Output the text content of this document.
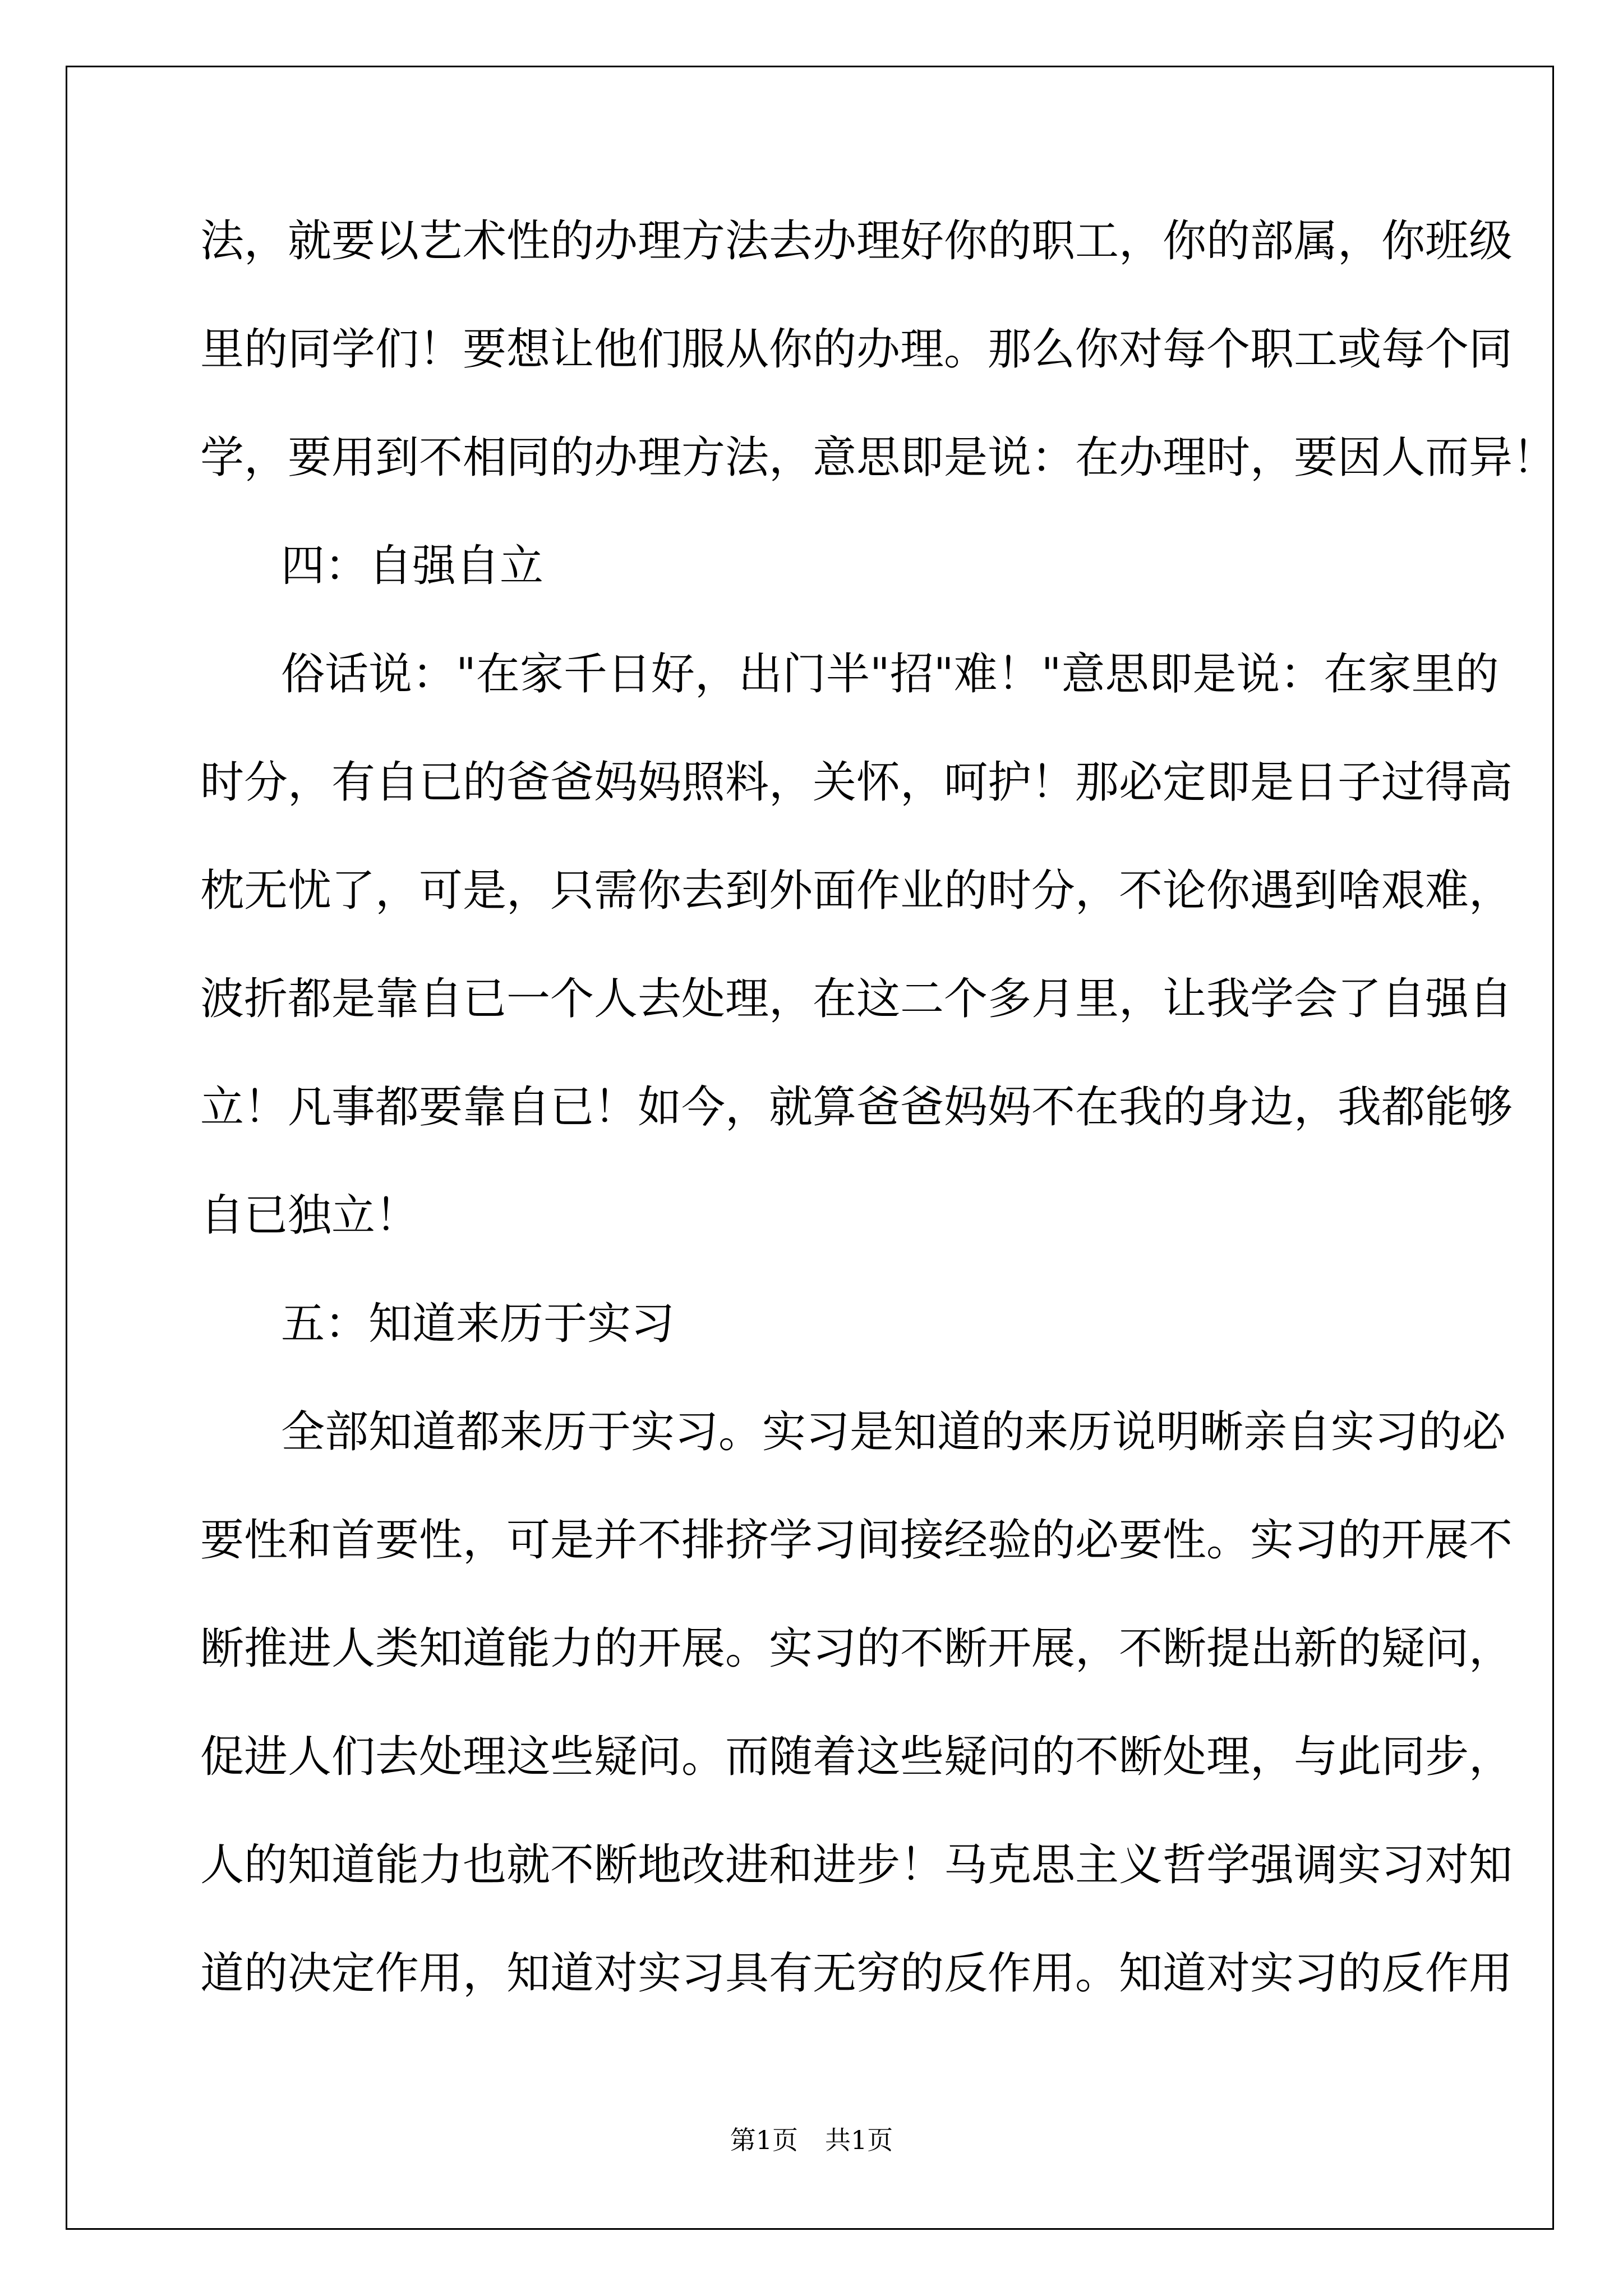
法，就要以艺术性的办理方法去办理好你的职工，你的部属，你班级
里的同学们！要想让他们服从你的办理。那么你对每个职工或每个同
学，要用到不相同的办理方法，意思即是说：在办理时，要因人而异！
四：自强自立
俗话说："在家千日好，出门半"招"难！"意思即是说：在家里的
时分，有自已的爸爸妈妈照料，关怀，呵护！那必定即是日子过得高
枕无忧了，可是，只需你去到外面作业的时分，不论你遇到啥艰难，
波折都是靠自已一个人去处理，在这二个多月里，让我学会了自强自
立！凡事都要靠自已！如今，就算爸爸妈妈不在我的身边，我都能够
自已独立！
五：知道来历于实习
全部知道都来历于实习。实习是知道的来历说明晰亲自实习的必
要性和首要性，可是并不排挤学习间接经验的必要性。实习的开展不
断推进人类知道能力的开展。实习的不断开展，不断提出新的疑问，
促进人们去处理这些疑问。而随着这些疑问的不断处理，与此同步，
人的知道能力也就不断地改进和进步！马克思主义哲学强调实习对知
道的决定作用，知道对实习具有无穷的反作用。知道对实习的反作用
第1页 共1页
